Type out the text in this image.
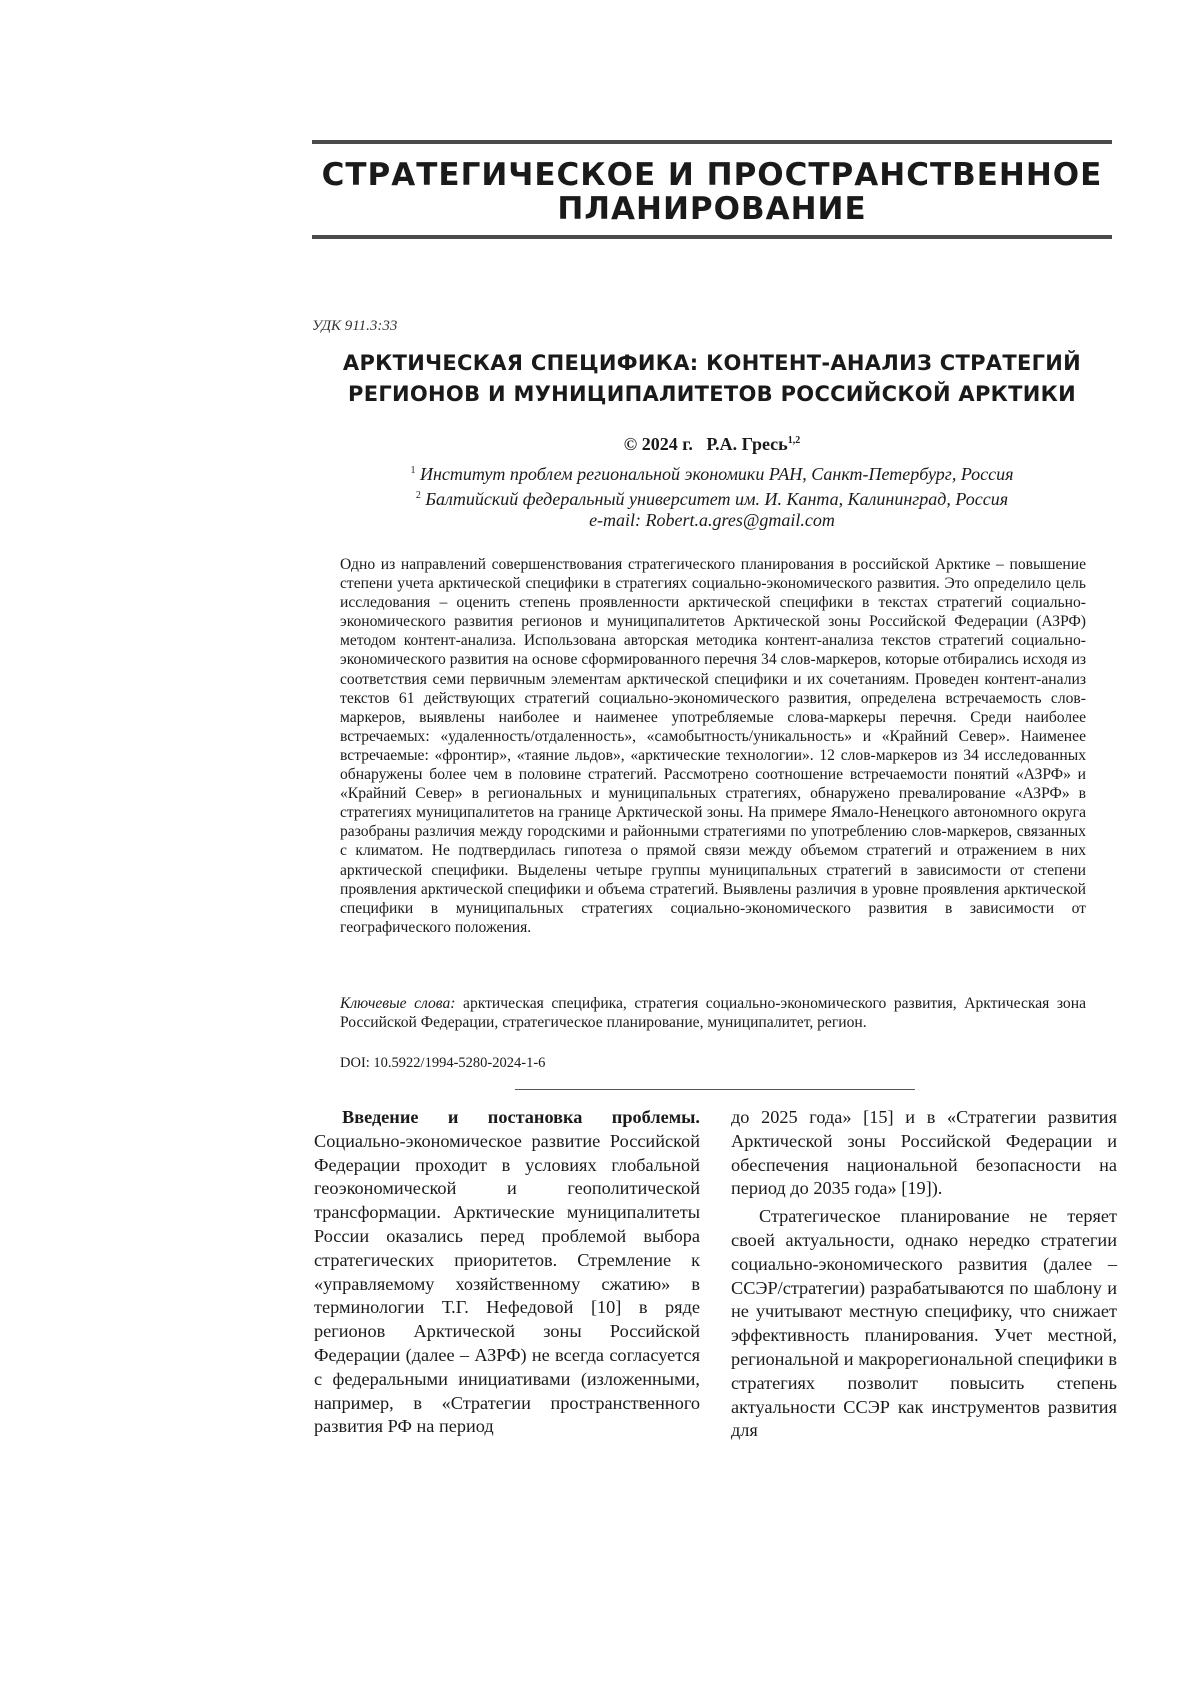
СТРАТЕГИЧЕСКОЕ И ПРОСТРАНСТВЕННОЕ
ПЛАНИРОВАНИЕ
УДК 911.3:33
АРКТИЧЕСКАЯ СПЕЦИФИКА: КОНТЕНТ-АНАЛИЗ СТРАТЕГИЙ
РЕГИОНОВ И МУНИЦИПАЛИТЕТОВ РОССИЙСКОЙ АРКТИКИ
© 2024 г. Р.А. Гресь$^{1,2}$
$^1$ Институт проблем региональной экономики РАН, Санкт-Петербург, Россия
$^2$ Балтийский федеральный университет им. И. Канта, Калининград, Россия
e-mail: Robert.a.gres@gmail.com

Одно из направлений совершенствования стратегического планирования в российской Арктике – повышение степени учета арктической специфики в стратегиях социально-экономического развития. Это определило цель исследования – оценить степень проявленности арктической специфики в текстах стратегий социально-экономического развития регионов и муниципалитетов Арктической зоны Российской Федерации (АЗРФ) методом контент-анализа. Использована авторская методика контент-анализа текстов стратегий социально-экономического развития на основе сформированного перечня 34 слов-маркеров, которые отбирались исходя из соответствия семи первичным элементам арктической специфики и их сочетаниям. Проведен контент-анализ текстов 61 действующих стратегий социально-экономического развития, определена встречаемость слов-маркеров, выявлены наиболее и наименее употребляемые слова-маркеры перечня. Среди наиболее встречаемых: «удаленность/отдаленность», «самобытность/уникальность» и «Крайний Север». Наименее встречаемые: «фронтир», «таяние льдов», «арктические технологии». 12 слов-маркеров из 34 исследованных обнаружены более чем в половине стратегий. Рассмотрено соотношение встречаемости понятий «АЗРФ» и «Крайний Север» в региональных и муниципальных стратегиях, обнаружено превалирование «АЗРФ» в стратегиях муниципалитетов на границе Арктической зоны. На примере Ямало-Ненецкого автономного округа разобраны различия между городскими и районными стратегиями по употреблению слов-маркеров, связанных с климатом. Не подтвердилась гипотеза о прямой связи между объемом стратегий и отражением в них арктической специфики. Выделены четыре группы муниципальных стратегий в зависимости от степени проявления арктической специфики и объема стратегий. Выявлены различия в уровне проявления арктической специфики в муниципальных стратегиях социально-экономического развития в зависимости от географического положения.

Ключевые слова: арктическая специфика, стратегия социально-экономического развития, Арктическая зона Российской Федерации, стратегическое планирование, муниципалитет, регион.

DOI: 10.5922/1994-5280-2024-1-6

Введение и постановка проблемы. Социально-экономическое развитие Российской Федерации проходит в условиях глобальной геоэкономической и геополитической трансформации. Арктические муниципалитеты России оказались перед проблемой выбора стратегических приоритетов. Стремление к «управляемому хозяйственному сжатию» в терминологии Т.Г. Нефедовой [10] в ряде регионов Арктической зоны Российской Федерации (далее – АЗРФ) не всегда согласуется с федеральными инициативами (изложенными, например, в «Стратегии пространственного развития РФ на период

до 2025 года» [15] и в «Стратегии развития Арктической зоны Российской Федерации и обеспечения национальной безопасности на период до 2035 года» [19]).

Стратегическое планирование не теряет своей актуальности, однако нередко стратегии социально-экономического развития (далее – ССЭР/стратегии) разрабатываются по шаблону и не учитывают местную специфику, что снижает эффективность планирования. Учет местной, региональной и макрорегиональной специфики в стратегиях позволит повысить степень актуальности ССЭР как инструментов развития для
